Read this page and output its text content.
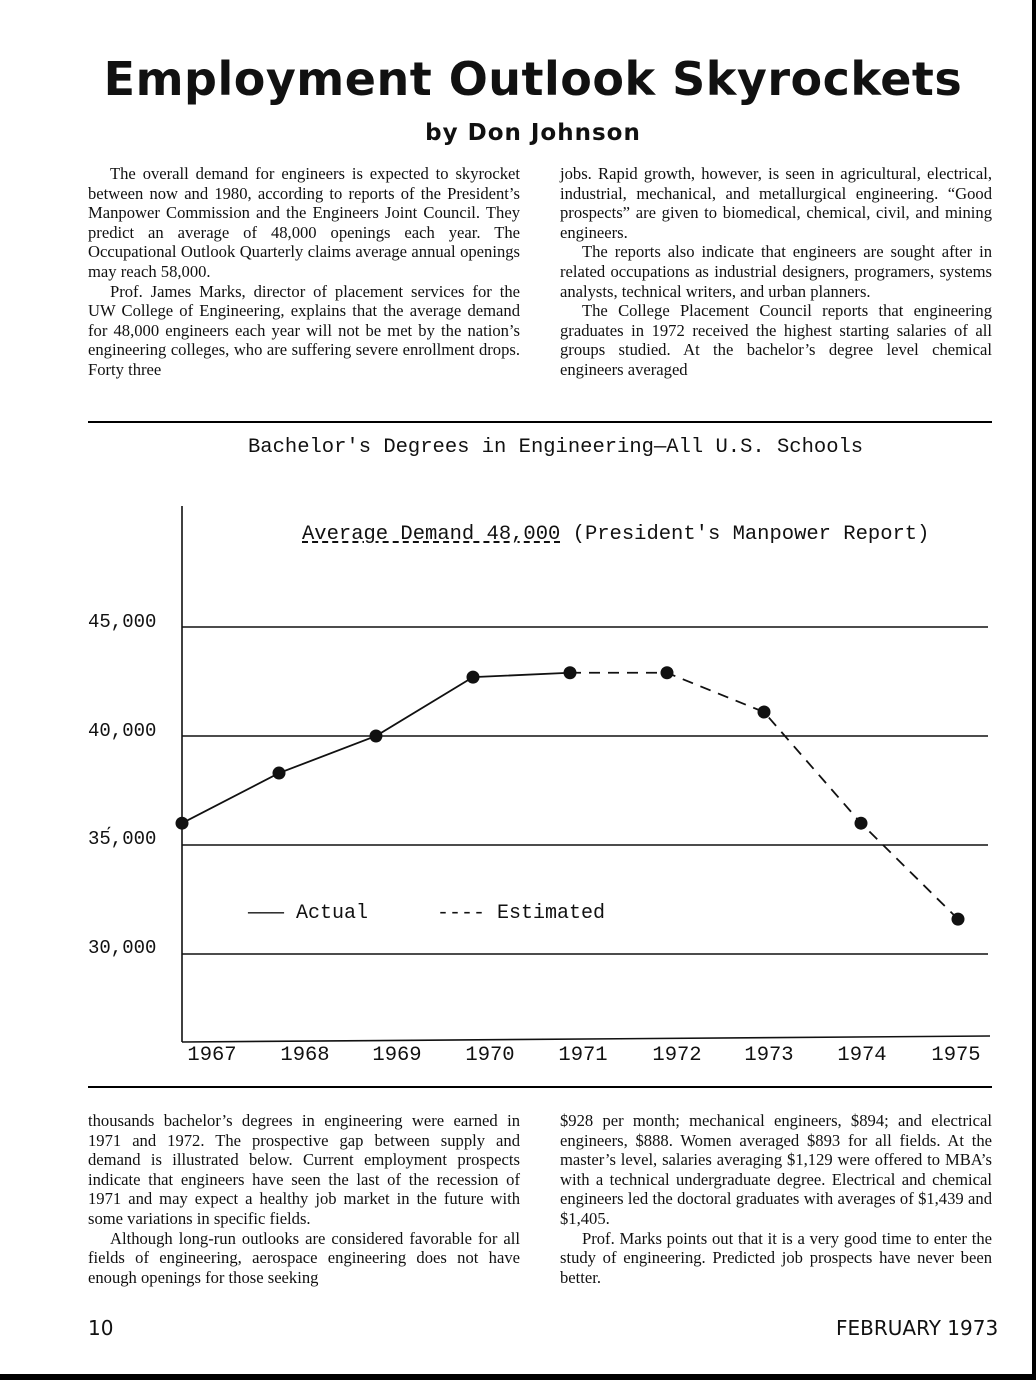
Employment Outlook Skyrockets
by Don Johnson

The overall demand for engineers is expected to skyrocket between now and 1980, according to reports of the President’s Manpower Commission and the Engineers Joint Council. They predict an average of 48,000 openings each year. The Occupational Outlook Quarterly claims average annual openings may reach 58,000.

Prof. James Marks, director of placement services for the UW College of Engineering, explains that the average demand for 48,000 engineers each year will not be met by the nation’s engineering colleges, who are suffering severe enrollment drops. Forty three

jobs. Rapid growth, however, is seen in agricultural, electrical, industrial, mechanical, and metallurgical engineering. “Good prospects” are given to biomedical, chemical, civil, and mining engineers.

The reports also indicate that engineers are sought after in related occupations as industrial designers, programers, systems analysts, technical writers, and urban planners.

The College Placement Council reports that engineering graduates in 1972 received the highest starting salaries of all groups studied. At the bachelor’s degree level chemical engineers averaged

Bachelor's Degrees in Engineering—All U.S. Schools
Average Demand 48,000 (President's Manpower Report)
45,000
40,000
35́,000
30,000
1967	1968	1969	1970	1971	1972	1973	1974	1975
——— Actual	---- Estimated

thousands bachelor’s degrees in engineering were earned in 1971 and 1972. The prospective gap between supply and demand is illustrated below. Current employment prospects indicate that engineers have seen the last of the recession of 1971 and may expect a healthy job market in the future with some variations in specific fields.

Although long-run outlooks are considered favorable for all fields of engineering, aerospace engineering does not have enough openings for those seeking

$928 per month; mechanical engineers, $894; and electrical engineers, $888. Women averaged $893 for all fields. At the master’s level, salaries averaging $1,129 were offered to MBA’s with a technical undergraduate degree. Electrical and chemical engineers led the doctoral graduates with averages of $1,439 and $1,405.

Prof. Marks points out that it is a very good time to enter the study of engineering. Predicted job prospects have never been better.

10	FEBRUARY 1973
